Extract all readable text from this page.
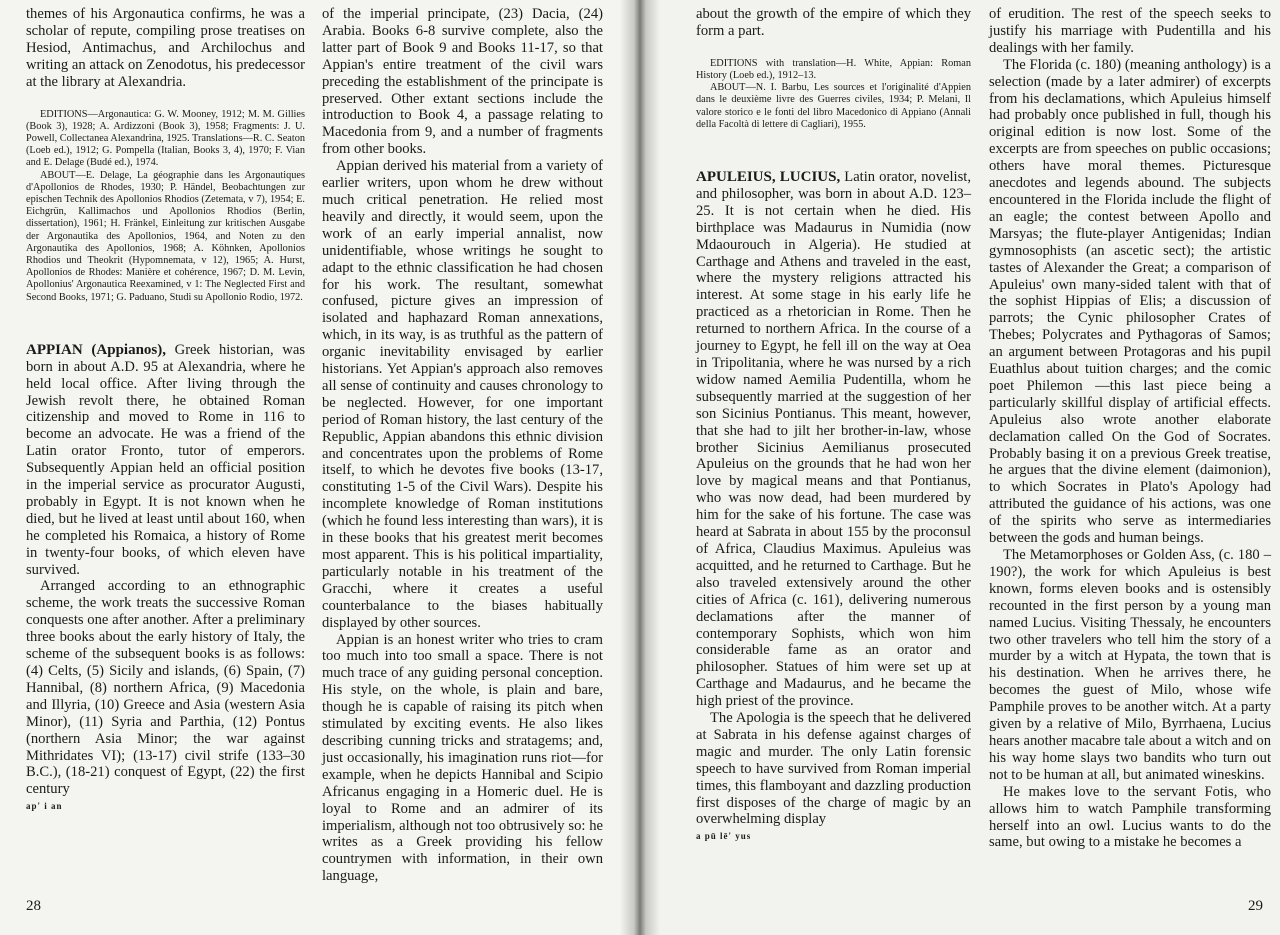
themes of his Argonautica confirms, he was a scholar of repute, compiling prose treatises on Hesiod, Antimachus, and Archilochus and writing an attack on Zenodotus, his predecessor at the library at Alexandria.

EDITIONS—Argonautica: G. W. Mooney, 1912; M. M. Gillies (Book 3), 1928; A. Ardizzoni (Book 3), 1958; Fragments: J. U. Powell, Collectanea Alexandrina, 1925. Translations—R. C. Seaton (Loeb ed.), 1912; G. Pompella (Italian, Books 3, 4), 1970; F. Vian and E. Delage (Budé ed.), 1974.

ABOUT—E. Delage, La géographie dans les Argonautiques d'Apollonios de Rhodes, 1930; P. Händel, Beobachtungen zur epischen Technik des Apollonios Rhodios (Zetemata, v 7), 1954; E. Eichgrün, Kallimachos und Apollonios Rhodios (Berlin, dissertation), 1961; H. Fränkel, Einleitung zur kritischen Ausgabe der Argonautika des Apollonios, 1964, and Noten zu den Argonautika des Apollonios, 1968; A. Köhnken, Apollonios Rhodios und Theokrit (Hypomnemata, v 12), 1965; A. Hurst, Apollonios de Rhodes: Manière et cohérence, 1967; D. M. Levin, Apollonius' Argonautica Reexamined, v 1: The Neglected First and Second Books, 1971; G. Paduano, Studi su Apollonio Rodio, 1972.

APPIAN (Appianos), Greek historian, was born in about A.D. 95 at Alexandria, where he held local office. After living through the Jewish revolt there, he obtained Roman citizenship and moved to Rome in 116 to become an advocate. He was a friend of the Latin orator Fronto, tutor of emperors. Subsequently Appian held an official position in the imperial service as procurator Augusti, probably in Egypt. It is not known when he died, but he lived at least until about 160, when he completed his Romaica, a history of Rome in twenty-four books, of which eleven have survived.

Arranged according to an ethnographic scheme, the work treats the successive Roman conquests one after another. After a preliminary three books about the early history of Italy, the scheme of the subsequent books is as follows: (4) Celts, (5) Sicily and islands, (6) Spain, (7) Hannibal, (8) northern Africa, (9) Macedonia and Illyria, (10) Greece and Asia (western Asia Minor), (11) Syria and Parthia, (12) Pontus (northern Asia Minor; the war against Mithridates VI); (13-17) civil strife (133–30 B.C.), (18-21) conquest of Egypt, (22) the first century

ap' i an

of the imperial principate, (23) Dacia, (24) Arabia. Books 6-8 survive complete, also the latter part of Book 9 and Books 11-17, so that Appian's entire treatment of the civil wars preceding the establishment of the principate is preserved. Other extant sections include the introduction to Book 4, a passage relating to Macedonia from 9, and a number of fragments from other books.

Appian derived his material from a variety of earlier writers, upon whom he drew without much critical penetration. He relied most heavily and directly, it would seem, upon the work of an early imperial annalist, now unidentifiable, whose writings he sought to adapt to the ethnic classification he had chosen for his work. The resultant, somewhat confused, picture gives an impression of isolated and haphazard Roman annexations, which, in its way, is as truthful as the pattern of organic inevitability envisaged by earlier historians. Yet Appian's approach also removes all sense of continuity and causes chronology to be neglected. However, for one important period of Roman history, the last century of the Republic, Appian abandons this ethnic division and concentrates upon the problems of Rome itself, to which he devotes five books (13-17, constituting 1-5 of the Civil Wars). Despite his incomplete knowledge of Roman institutions (which he found less interesting than wars), it is in these books that his greatest merit becomes most apparent. This is his political impartiality, particularly notable in his treatment of the Gracchi, where it creates a useful counterbalance to the biases habitually displayed by other sources.

Appian is an honest writer who tries to cram too much into too small a space. There is not much trace of any guiding personal conception. His style, on the whole, is plain and bare, though he is capable of raising its pitch when stimulated by exciting events. He also likes describing cunning tricks and stratagems; and, just occasionally, his imagination runs riot—for example, when he depicts Hannibal and Scipio Africanus engaging in a Homeric duel. He is loyal to Rome and an admirer of its imperialism, although not too obtrusively so: he writes as a Greek providing his fellow countrymen with information, in their own language,

28

about the growth of the empire of which they form a part.

EDITIONS with translation—H. White, Appian: Roman History (Loeb ed.), 1912–13.

ABOUT—N. I. Barbu, Les sources et l'originalité d'Appien dans le deuxième livre des Guerres civiles, 1934; P. Melani, Il valore storico e le fonti del libro Macedonico di Appiano (Annali della Facoltà di lettere di Cagliari), 1955.

APULEIUS, LUCIUS, Latin orator, novelist, and philosopher, was born in about A.D. 123–25. It is not certain when he died. His birthplace was Madaurus in Numidia (now Mdaourouch in Algeria). He studied at Carthage and Athens and traveled in the east, where the mystery religions attracted his interest. At some stage in his early life he practiced as a rhetorician in Rome. Then he returned to northern Africa. In the course of a journey to Egypt, he fell ill on the way at Oea in Tripolitania, where he was nursed by a rich widow named Aemilia Pudentilla, whom he subsequently married at the suggestion of her son Sicinius Pontianus. This meant, however, that she had to jilt her brother-in-law, whose brother Sicinius Aemilianus prosecuted Apuleius on the grounds that he had won her love by magical means and that Pontianus, who was now dead, had been murdered by him for the sake of his fortune. The case was heard at Sabrata in about 155 by the proconsul of Africa, Claudius Maximus. Apuleius was acquitted, and he returned to Carthage. But he also traveled extensively around the other cities of Africa (c. 161), delivering numerous declamations after the manner of contemporary Sophists, which won him considerable fame as an orator and philosopher. Statues of him were set up at Carthage and Madaurus, and he became the high priest of the province.

The Apologia is the speech that he delivered at Sabrata in his defense against charges of magic and murder. The only Latin forensic speech to have survived from Roman imperial times, this flamboyant and dazzling production first disposes of the charge of magic by an overwhelming display

a pū lē' yus

of erudition. The rest of the speech seeks to justify his marriage with Pudentilla and his dealings with her family.

The Florida (c. 180) (meaning anthology) is a selection (made by a later admirer) of excerpts from his declamations, which Apuleius himself had probably once published in full, though his original edition is now lost. Some of the excerpts are from speeches on public occasions; others have moral themes. Picturesque anecdotes and legends abound. The subjects encountered in the Florida include the flight of an eagle; the contest between Apollo and Marsyas; the flute-player Antigenidas; Indian gymnosophists (an ascetic sect); the artistic tastes of Alexander the Great; a comparison of Apuleius' own many-sided talent with that of the sophist Hippias of Elis; a discussion of parrots; the Cynic philosopher Crates of Thebes; Polycrates and Pythagoras of Samos; an argument between Protagoras and his pupil Euathlus about tuition charges; and the comic poet Philemon —this last piece being a particularly skillful display of artificial effects. Apuleius also wrote another elaborate declamation called On the God of Socrates. Probably basing it on a previous Greek treatise, he argues that the divine element (daimonion), to which Socrates in Plato's Apology had attributed the guidance of his actions, was one of the spirits who serve as intermediaries between the gods and human beings.

The Metamorphoses or Golden Ass, (c. 180 –190?), the work for which Apuleius is best known, forms eleven books and is ostensibly recounted in the first person by a young man named Lucius. Visiting Thessaly, he encounters two other travelers who tell him the story of a murder by a witch at Hypata, the town that is his destination. When he arrives there, he becomes the guest of Milo, whose wife Pamphile proves to be another witch. At a party given by a relative of Milo, Byrrhaena, Lucius hears another macabre tale about a witch and on his way home slays two bandits who turn out not to be human at all, but animated wineskins.

He makes love to the servant Fotis, who allows him to watch Pamphile transforming herself into an owl. Lucius wants to do the same, but owing to a mistake he becomes a

29
